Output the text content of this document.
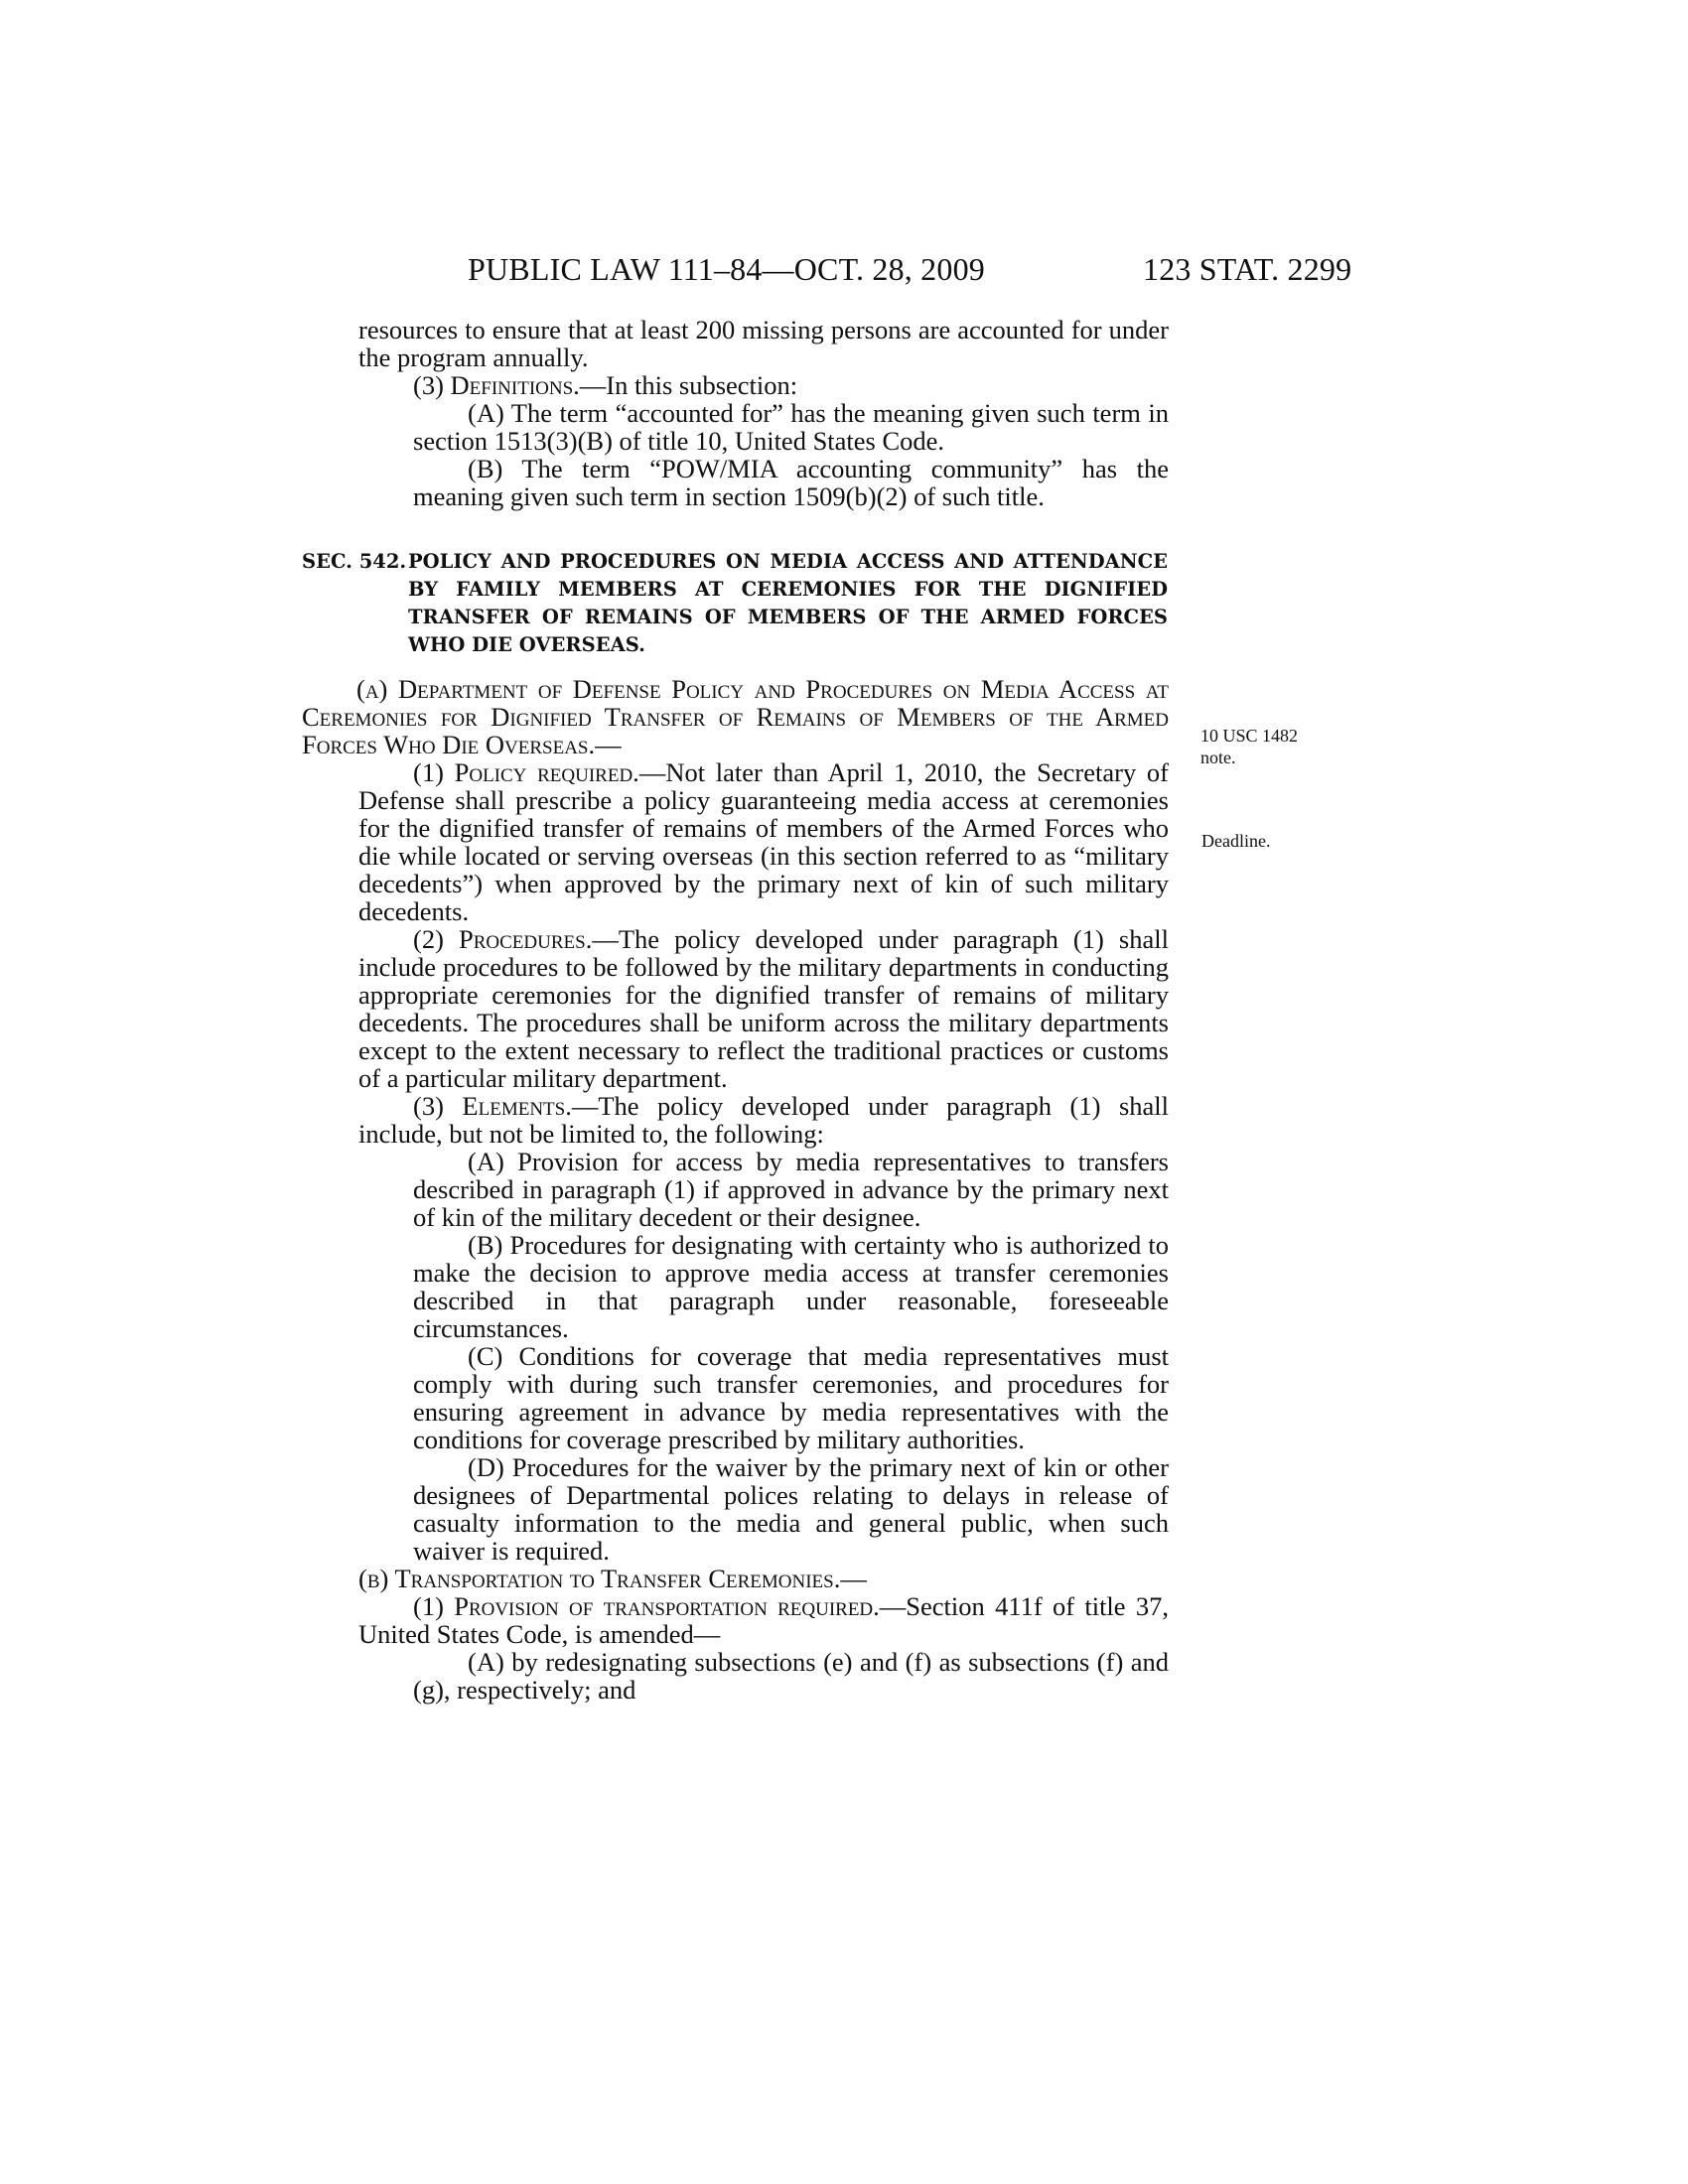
PUBLIC LAW 111–84—OCT. 28, 2009	123 STAT. 2299
10 USC 1482
note.
Deadline.

resources to ensure that at least 200 missing persons are accounted for under the program annually.

(3) Definitions.—In this subsection:

(A) The term “accounted for” has the meaning given such term in section 1513(3)(B) of title 10, United States Code.

(B) The term “POW/MIA accounting community” has the meaning given such term in section 1509(b)(2) of such title.

SEC. 542.POLICY AND PROCEDURES ON MEDIA ACCESS AND ATTENDANCE BY FAMILY MEMBERS AT CEREMONIES FOR THE DIGNIFIED TRANSFER OF REMAINS OF MEMBERS OF THE ARMED FORCES WHO DIE OVERSEAS.

(a) Department of Defense Policy and Procedures on Media Access at Ceremonies for Dignified Transfer of Remains of Members of the Armed Forces Who Die Overseas.—

(1) Policy required.—Not later than April 1, 2010, the Secretary of Defense shall prescribe a policy guaranteeing media access at ceremonies for the dignified transfer of remains of members of the Armed Forces who die while located or serving overseas (in this section referred to as “military decedents”) when approved by the primary next of kin of such military decedents.

(2) Procedures.—The policy developed under paragraph (1) shall include procedures to be followed by the military departments in conducting appropriate ceremonies for the dignified transfer of remains of military decedents. The procedures shall be uniform across the military departments except to the extent necessary to reflect the traditional practices or customs of a particular military department.

(3) Elements.—The policy developed under paragraph (1) shall include, but not be limited to, the following:

(A) Provision for access by media representatives to transfers described in paragraph (1) if approved in advance by the primary next of kin of the military decedent or their designee.

(B) Procedures for designating with certainty who is authorized to make the decision to approve media access at transfer ceremonies described in that paragraph under reasonable, foreseeable circumstances.

(C) Conditions for coverage that media representatives must comply with during such transfer ceremonies, and procedures for ensuring agreement in advance by media representatives with the conditions for coverage prescribed by military authorities.

(D) Procedures for the waiver by the primary next of kin or other designees of Departmental polices relating to delays in release of casualty information to the media and general public, when such waiver is required.

(b) Transportation to Transfer Ceremonies.—

(1) Provision of transportation required.—Section 411f of title 37, United States Code, is amended—

(A) by redesignating subsections (e) and (f) as subsections (f) and (g), respectively; and
